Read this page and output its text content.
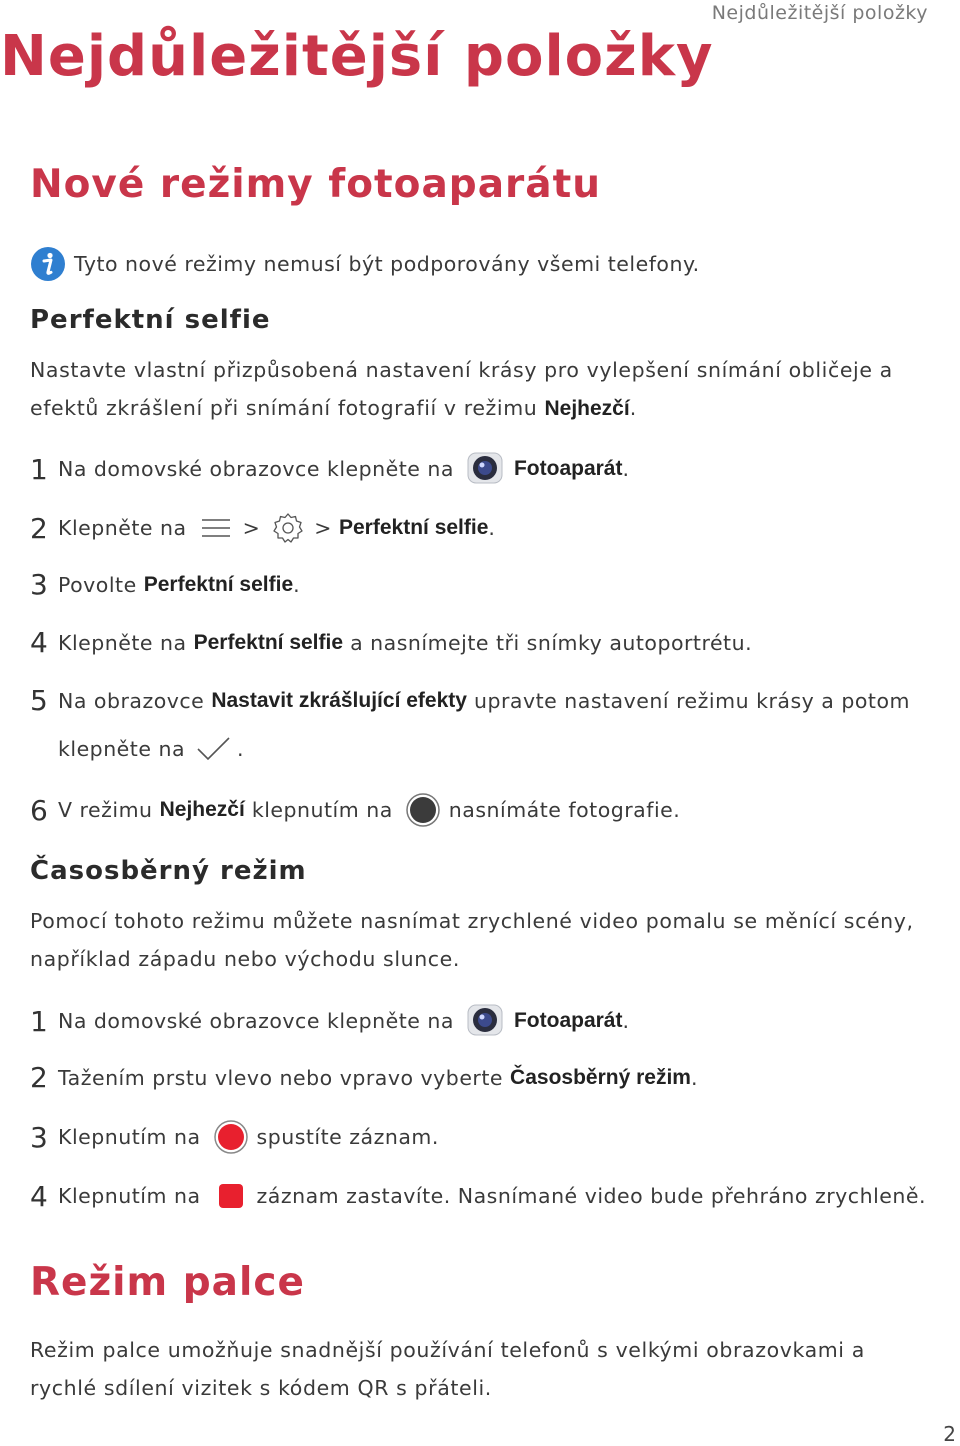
Nejdůležitější položky
Nejdůležitější položky
Nové režimy fotoaparátu
Tyto nové režimy nemusí být podporovány všemi telefony.
Perfektní selfie
Nastavte vlastní přizpůsobená nastavení krásy pro vylepšení snímání obličeje a efektů zkrášlení při snímání fotografií v režimu Nejhezčí.
1 Na domovské obrazovce klepněte na	Fotoaparát .
2 Klepněte na	>	>
Perfektní selfie .
3 Povolte
Perfektní selfie .
4 Klepněte na
Perfektní selfie
a nasnímejte tři snímky autoportrétu.
5 Na obrazovce
Nastavit zkrášlující efekty
upravte nastavení režimu krásy a potom
klepněte na	.
6 V režimu
Nejhezčí
klepnutím na	nasnímáte fotografie.
Časosběrný režim
Pomocí tohoto režimu můžete nasnímat zrychlené video pomalu se měnící scény, například západu nebo východu slunce.
1 Na domovské obrazovce klepněte na	Fotoaparát .
2 Tažením prstu vlevo nebo vpravo vyberte
Časosběrný režim .
3 Klepnutím na	spustíte záznam.
4 Klepnutím na	záznam zastavíte. Nasnímané video bude přehráno zrychleně.
Režim palce
Režim palce umožňuje snadnější používání telefonů s velkými obrazovkami a rychlé sdílení vizitek s kódem QR s přáteli.
2
